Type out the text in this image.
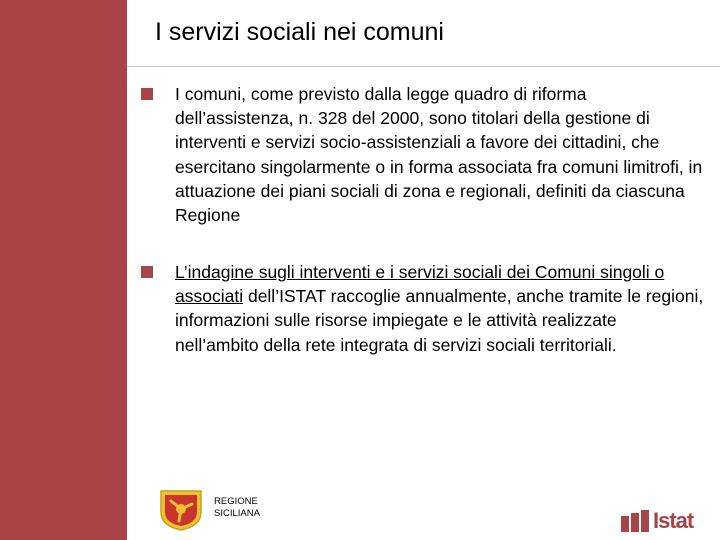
I servizi sociali nei comuni

I comuni, come previsto dalla legge quadro di riforma dell’assistenza, n. 328 del 2000, sono titolari della gestione di interventi e servizi socio-assistenziali a favore dei cittadini, che esercitano singolarmente o in forma associata fra comuni limitrofi, in attuazione dei piani sociali di zona e regionali, definiti da ciascuna Regione

L’indagine sugli interventi e i servizi sociali dei Comuni singoli o associati dell’ISTAT raccoglie annualmente, anche tramite le regioni, informazioni sulle risorse impiegate e le attività realizzate nell’ambito della rete integrata di servizi sociali territoriali.

REGIONE
SICILIANA	Istat
